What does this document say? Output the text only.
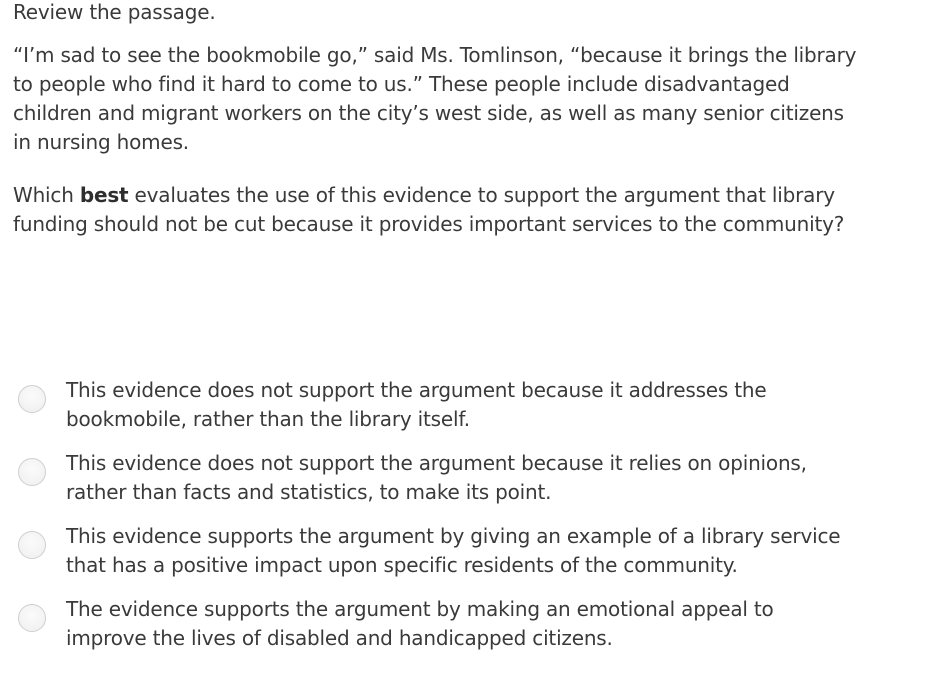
Review the passage.

“I’m sad to see the bookmobile go,” said Ms. Tomlinson, “because it brings the library
to people who find it hard to come to us.” These people include disadvantaged
children and migrant workers on the city’s west side, as well as many senior citizens
in nursing homes.

Which best evaluates the use of this evidence to support the argument that library
funding should not be cut because it provides important services to the community?

This evidence does not support the argument because it addresses the
bookmobile, rather than the library itself.
This evidence does not support the argument because it relies on opinions,
rather than facts and statistics, to make its point.
This evidence supports the argument by giving an example of a library service
that has a positive impact upon specific residents of the community.
The evidence supports the argument by making an emotional appeal to
improve the lives of disabled and handicapped citizens.
